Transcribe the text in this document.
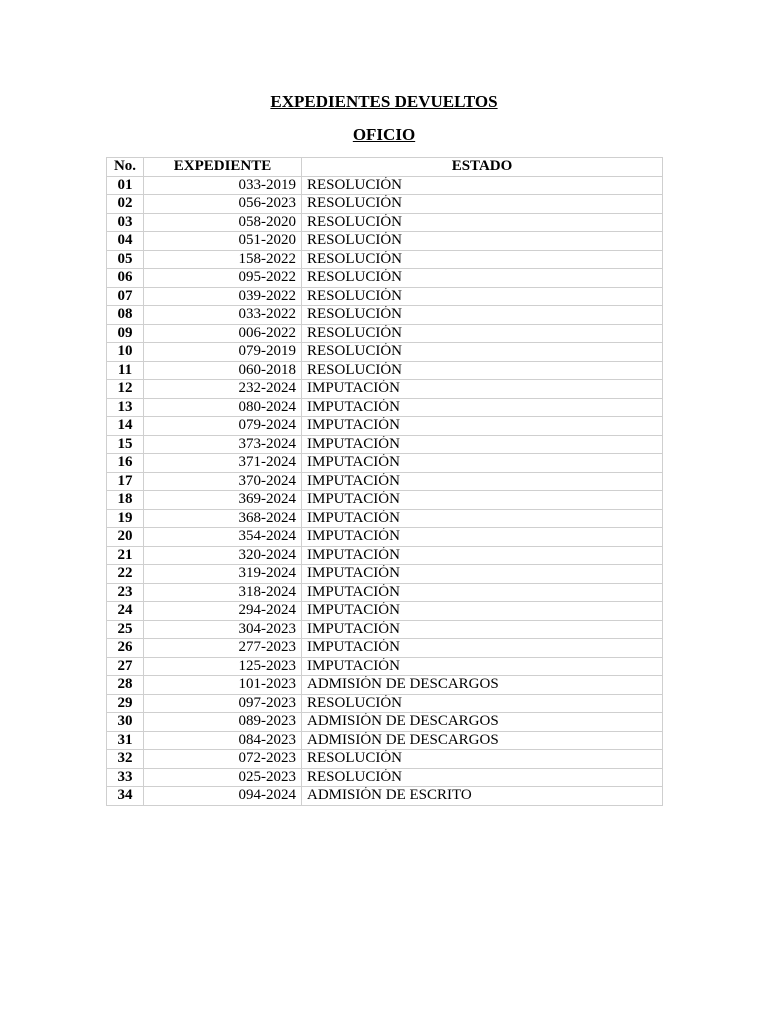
EXPEDIENTES DEVUELTOS
OFICIO
No.	EXPEDIENTE	ESTADO
01	033-2019	RESOLUCIÓN
02	056-2023	RESOLUCIÓN
03	058-2020	RESOLUCIÓN
04	051-2020	RESOLUCIÓN
05	158-2022	RESOLUCIÓN
06	095-2022	RESOLUCIÓN
07	039-2022	RESOLUCIÓN
08	033-2022	RESOLUCIÓN
09	006-2022	RESOLUCIÓN
10	079-2019	RESOLUCIÓN
11	060-2018	RESOLUCIÓN
12	232-2024	IMPUTACIÓN
13	080-2024	IMPUTACIÓN
14	079-2024	IMPUTACIÓN
15	373-2024	IMPUTACIÓN
16	371-2024	IMPUTACIÓN
17	370-2024	IMPUTACIÓN
18	369-2024	IMPUTACIÓN
19	368-2024	IMPUTACIÓN
20	354-2024	IMPUTACIÓN
21	320-2024	IMPUTACIÓN
22	319-2024	IMPUTACIÓN
23	318-2024	IMPUTACIÓN
24	294-2024	IMPUTACIÓN
25	304-2023	IMPUTACIÓN
26	277-2023	IMPUTACIÓN
27	125-2023	IMPUTACIÓN
28	101-2023	ADMISIÓN DE DESCARGOS
29	097-2023	RESOLUCIÓN
30	089-2023	ADMISIÓN DE DESCARGOS
31	084-2023	ADMISIÓN DE DESCARGOS
32	072-2023	RESOLUCIÓN
33	025-2023	RESOLUCIÓN
34	094-2024	ADMISIÓN DE ESCRITO
